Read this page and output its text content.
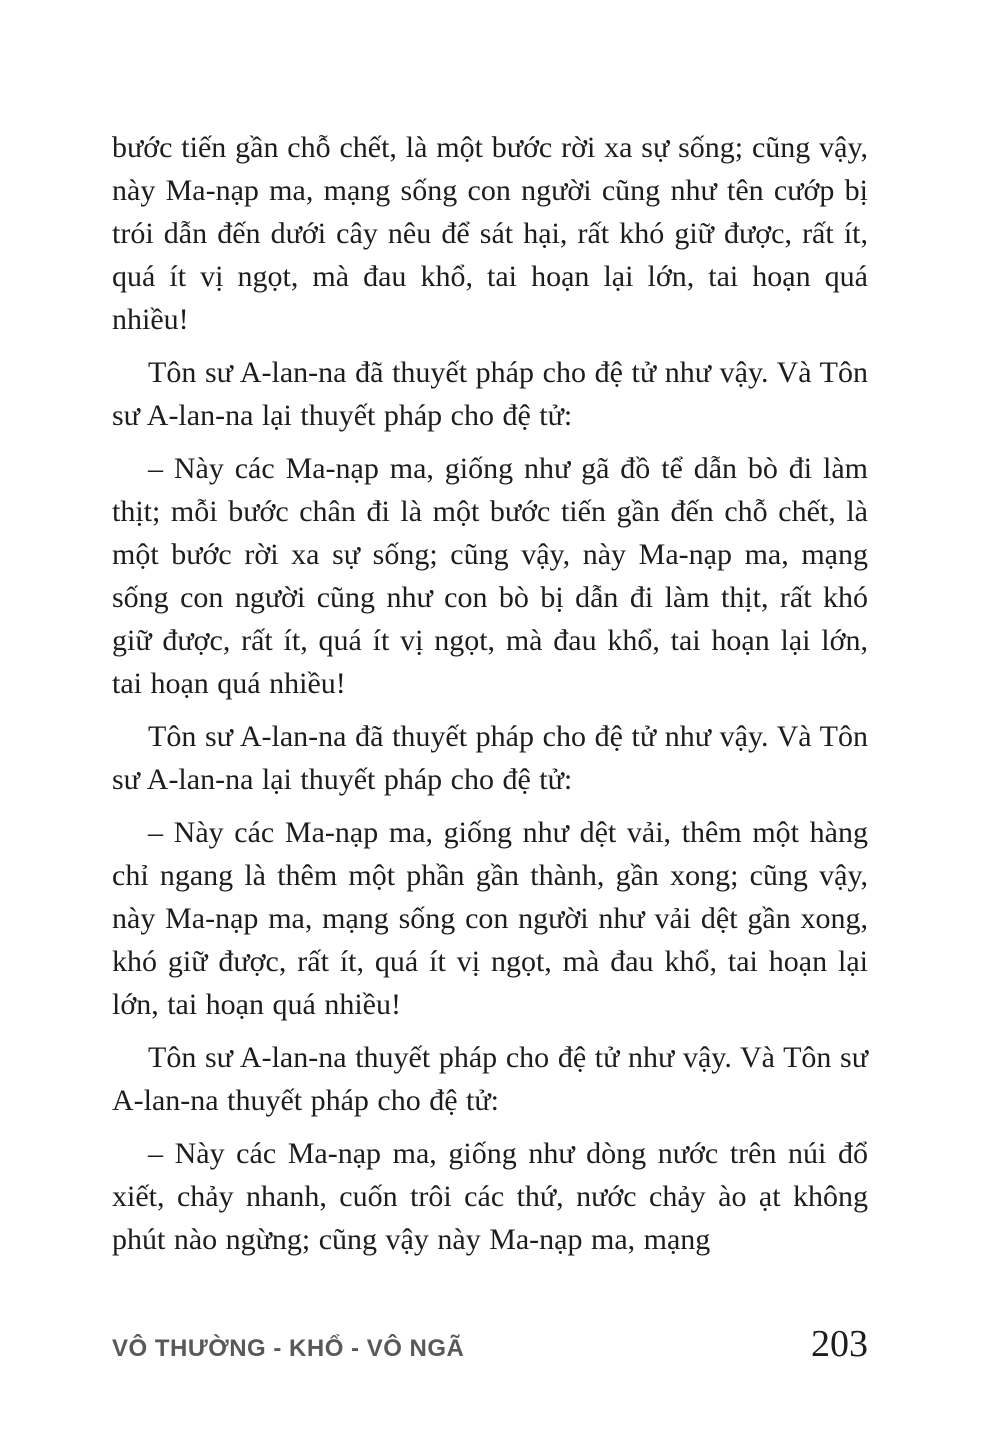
bước tiến gần chỗ chết, là một bước rời xa sự sống; cũng vậy, này Ma-nạp ma, mạng sống con người cũng như tên cướp bị trói dẫn đến dưới cây nêu để sát hại, rất khó giữ được, rất ít, quá ít vị ngọt, mà đau khổ, tai hoạn lại lớn, tai hoạn quá nhiều!

Tôn sư A-lan-na đã thuyết pháp cho đệ tử như vậy. Và Tôn sư A-lan-na lại thuyết pháp cho đệ tử:

– Này các Ma-nạp ma, giống như gã đồ tể dẫn bò đi làm thịt; mỗi bước chân đi là một bước tiến gần đến chỗ chết, là một bước rời xa sự sống; cũng vậy, này Ma-nạp ma, mạng sống con người cũng như con bò bị dẫn đi làm thịt, rất khó giữ được, rất ít, quá ít vị ngọt, mà đau khổ, tai hoạn lại lớn, tai hoạn quá nhiều!

Tôn sư A-lan-na đã thuyết pháp cho đệ tử như vậy. Và Tôn sư A-lan-na lại thuyết pháp cho đệ tử:

– Này các Ma-nạp ma, giống như dệt vải, thêm một hàng chỉ ngang là thêm một phần gần thành, gần xong; cũng vậy, này Ma-nạp ma, mạng sống con người như vải dệt gần xong, khó giữ được, rất ít, quá ít vị ngọt, mà đau khổ, tai hoạn lại lớn, tai hoạn quá nhiều!

Tôn sư A-lan-na thuyết pháp cho đệ tử như vậy. Và Tôn sư A-lan-na thuyết pháp cho đệ tử:

– Này các Ma-nạp ma, giống như dòng nước trên núi đổ xiết, chảy nhanh, cuốn trôi các thứ, nước chảy ào ạt không phút nào ngừng; cũng vậy này Ma-nạp ma, mạng

VÔ THƯỜNG - KHỔ - VÔ NGÃ	203
